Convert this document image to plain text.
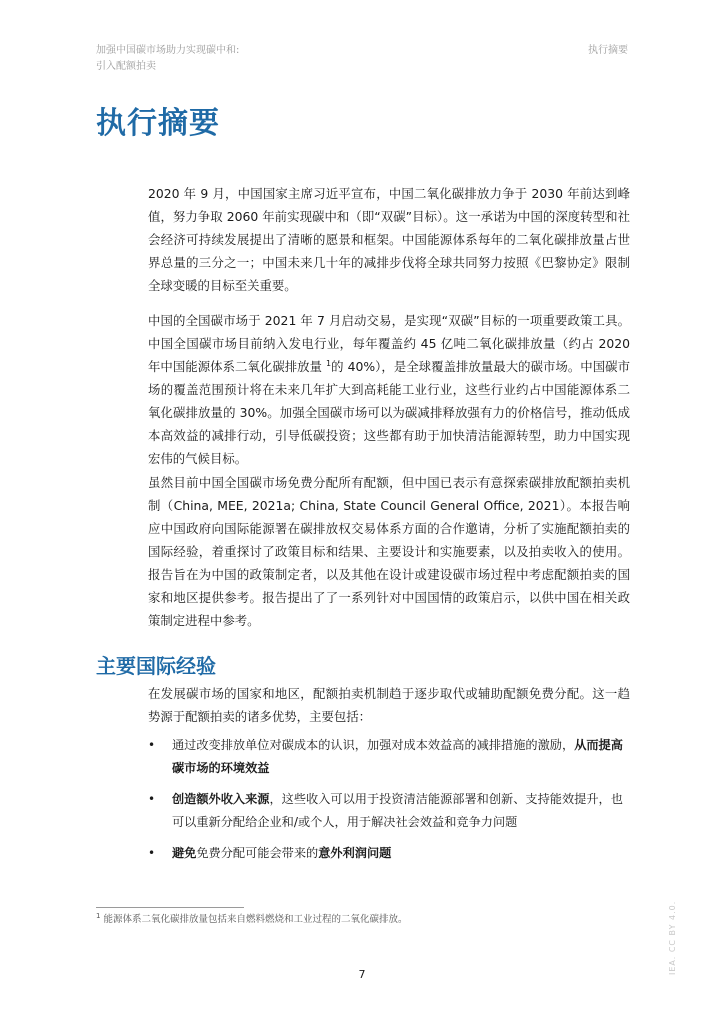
加强中国碳市场助力实现碳中和:
引入配额拍卖
执行摘要
执行摘要

2020 年 9 月，中国国家主席习近平宣布，中国二氧化碳排放力争于 2030 年前达到峰值，努力争取 2060 年前实现碳中和（即“双碳”目标）。这一承诺为中国的深度转型和社会经济可持续发展提出了清晰的愿景和框架。中国能源体系每年的二氧化碳排放量占世界总量的三分之一；中国未来几十年的减排步伐将全球共同努力按照《巴黎协定》限制全球变暖的目标至关重要。

中国的全国碳市场于 2021 年 7 月启动交易，是实现“双碳”目标的一项重要政策工具。中国全国碳市场目前纳入发电行业，每年覆盖约 45 亿吨二氧化碳排放量（约占 2020 年中国能源体系二氧化碳排放量 $^1$的 40%），是全球覆盖排放量最大的碳市场。中国碳市场的覆盖范围预计将在未来几年扩大到高耗能工业行业，这些行业约占中国能源体系二氧化碳排放量的 30%。加强全国碳市场可以为碳减排释放强有力的价格信号，推动低成本高效益的减排行动，引导低碳投资；这些都有助于加快清洁能源转型，助力中国实现宏伟的气候目标。

虽然目前中国全国碳市场免费分配所有配额，但中国已表示有意探索碳排放配额拍卖机制（China, MEE, 2021a; China, State Council General Office, 2021）。本报告响应中国政府向国际能源署在碳排放权交易体系方面的合作邀请，分析了实施配额拍卖的国际经验，着重探讨了政策目标和结果、主要设计和实施要素，以及拍卖收入的使用。报告旨在为中国的政策制定者，以及其他在设计或建设碳市场过程中考虑配额拍卖的国家和地区提供参考。报告提出了了一系列针对中国国情的政策启示，以供中国在相关政策制定进程中参考。

主要国际经验

在发展碳市场的国家和地区，配额拍卖机制趋于逐步取代或辅助配额免费分配。这一趋势源于配额拍卖的诸多优势，主要包括：

• 通过改变排放单位对碳成本的认识，加强对成本效益高的减排措施的激励，从而提高碳市场的环境效益
• 创造额外收入来源，这些收入可以用于投资清洁能源部署和创新、支持能效提升，也可以重新分配给企业和/或个人，用于解决社会效益和竞争力问题
• 避免免费分配可能会带来的意外利润问题

$^1$ 能源体系二氧化碳排放量包括来自燃料燃烧和工业过程的二氧化碳排放。

7	IEA. CC BY 4.0.
